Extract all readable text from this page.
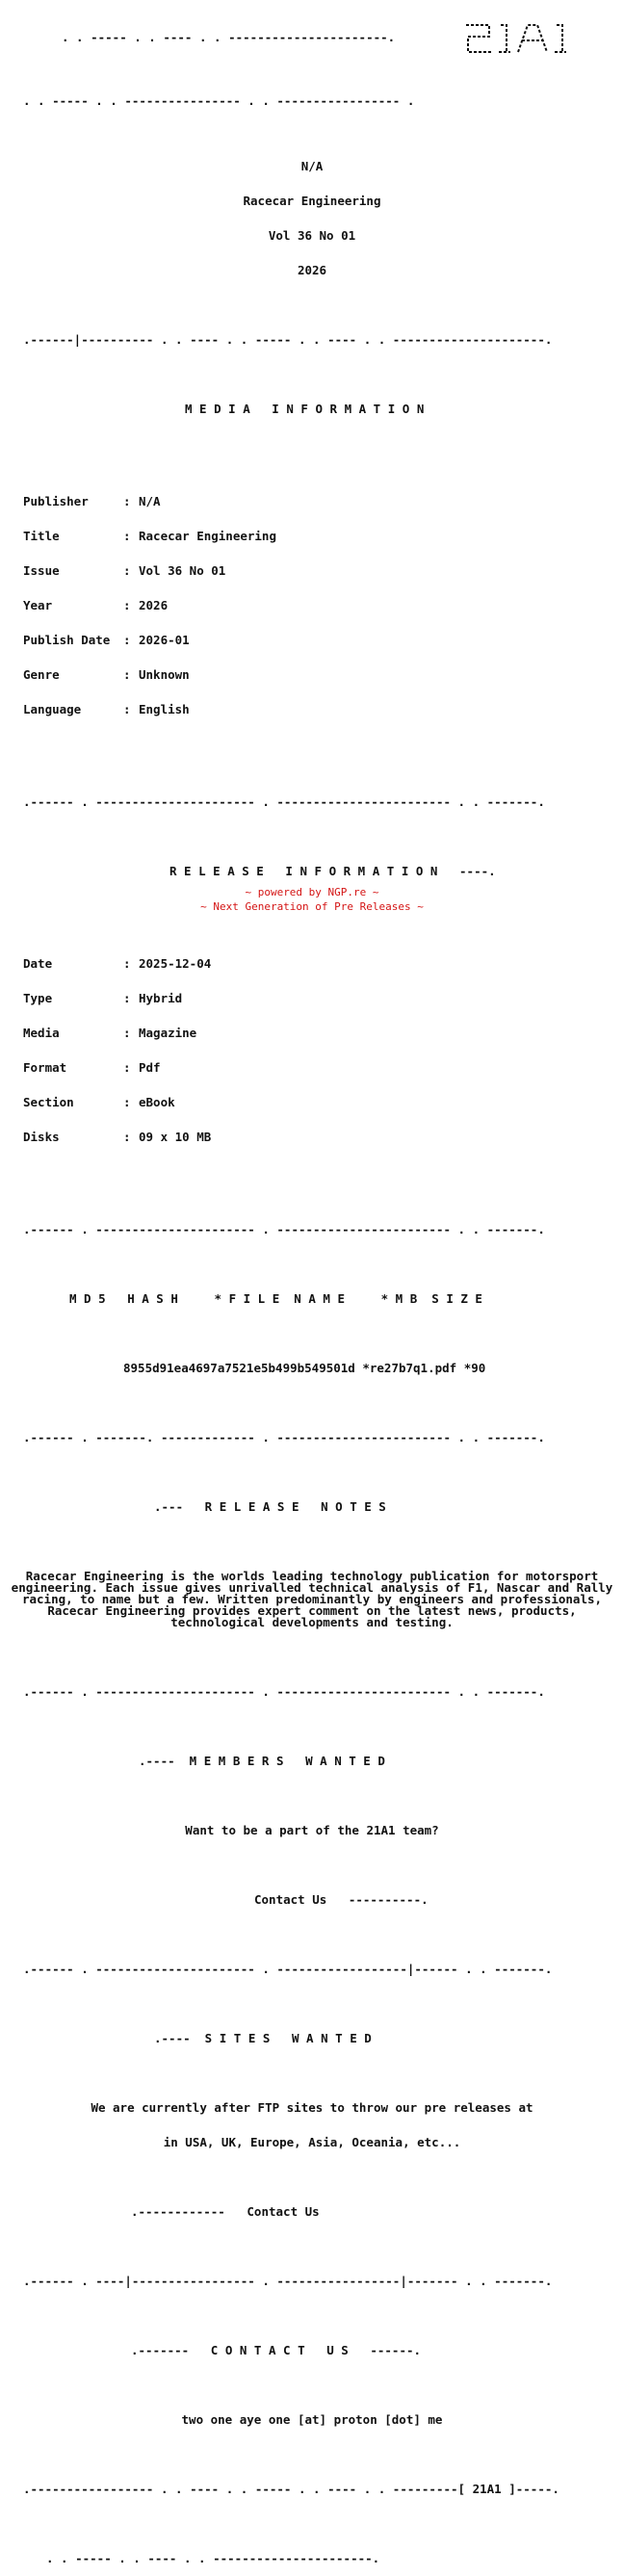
. . ----- . . ---- . . ----------------------.

. . ----- . . ---------------- . . ----------------- .

N/A

Racecar Engineering

Vol 36 No 01

2026

.------|---------- . . ---- . . ----- . . ---- . . ---------------------.

M E D I A   I N F O R M A T I O N

Publisher	: N/A

Title	: Racecar Engineering

Issue	: Vol 36 No 01

Year	: 2026

Publish Date : 2026-01

Genre	: Unknown

Language	: English

.------ . ---------------------- . ------------------------ . . -------.

R E L E A S E   I N F O R M A T I O N   ----.

Date	: 2025-12-04

Type	: Hybrid

Media	: Magazine

Format	: Pdf

Section	: eBook

Disks	: 09 x 10 MB

.------ . ---------------------- . ------------------------ . . -------.

M D 5   H A S H     * F I L E  N A M E     * M B  S I Z E

8955d91ea4697a7521e5b499b549501d *re27b7q1.pdf *90

.------ . -------. ------------- . ------------------------ . . -------.

.---   R E L E A S E   N O T E S

Racecar Engineering is the worlds leading technology publication for motorsport engineering. Each issue gives unrivalled technical analysis of F1, Nascar and Rally racing, to name but a few. Written predominantly by engineers and professionals, Racecar Engineering provides expert comment on the latest news, products, technological developments and testing.

.------ . ---------------------- . ------------------------ . . -------.

.----  M E M B E R S   W A N T E D

Want to be a part of the 21A1 team?

Contact Us   ----------.

.------ . ---------------------- . ------------------|------ . . -------.

.----  S I T E S   W A N T E D

We are currently after FTP sites to throw our pre releases at

in USA, UK, Europe, Asia, Oceania, etc...

.------------   Contact Us

.------ . ----|----------------- . -----------------|------- . . -------.

.-------   C O N T A C T   U S   ------.

two one aye one [at] proton [dot] me

.----------------- . . ---- . . ----- . . ---- . . ---------[ 21A1 ]-----.

. . ----- . . ---- . . ----------------------.

~ powered by NGP.re ~
~ Next Generation of Pre Releases ~
